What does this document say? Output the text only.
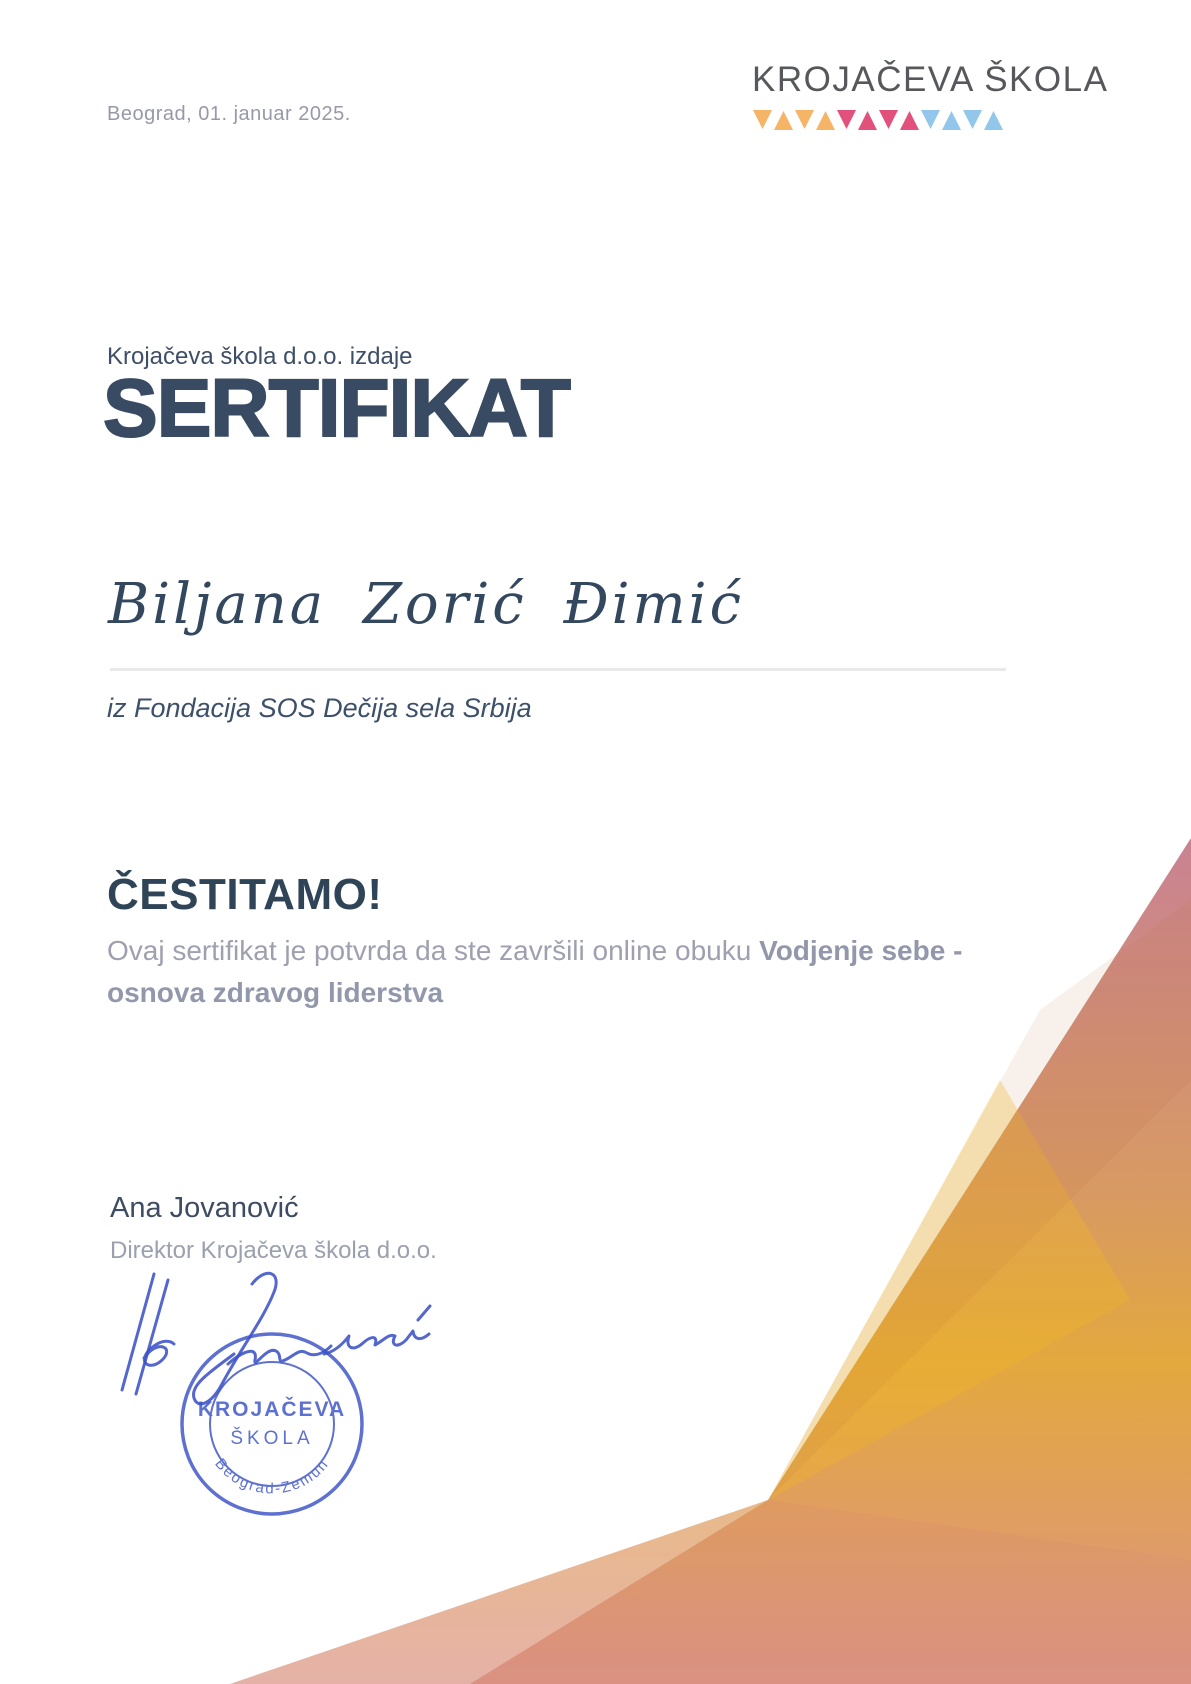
Beograd, 01. januar 2025.
KROJAČEVA ŠKOLA
Krojačeva škola d.o.o. izdaje
SERTIFIKAT
Biljana Zorić Đimić
iz Fondacija SOS Dečija sela Srbija
ČESTITAMO!

Ovaj sertifikat je potvrda da ste završili online obuku Vodjenje sebe - osnova zdravog liderstva

Ana Jovanović
Direktor Krojačeva škola d.o.o.
KROJAČEVA
ŠKOLA
Beograd-Zemun
